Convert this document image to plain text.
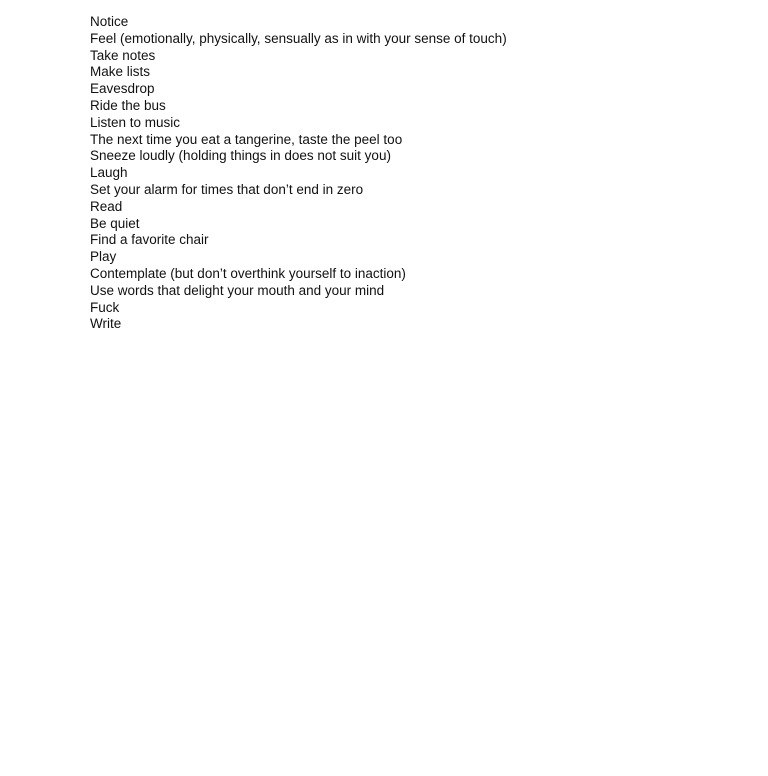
Notice
Feel (emotionally, physically, sensually as in with your sense of touch)
Take notes
Make lists
Eavesdrop
Ride the bus
Listen to music
The next time you eat a tangerine, taste the peel too
Sneeze loudly (holding things in does not suit you)
Laugh
Set your alarm for times that don’t end in zero
Read
Be quiet
Find a favorite chair
Play
Contemplate (but don’t overthink yourself to inaction)
Use words that delight your mouth and your mind
Fuck
Write
